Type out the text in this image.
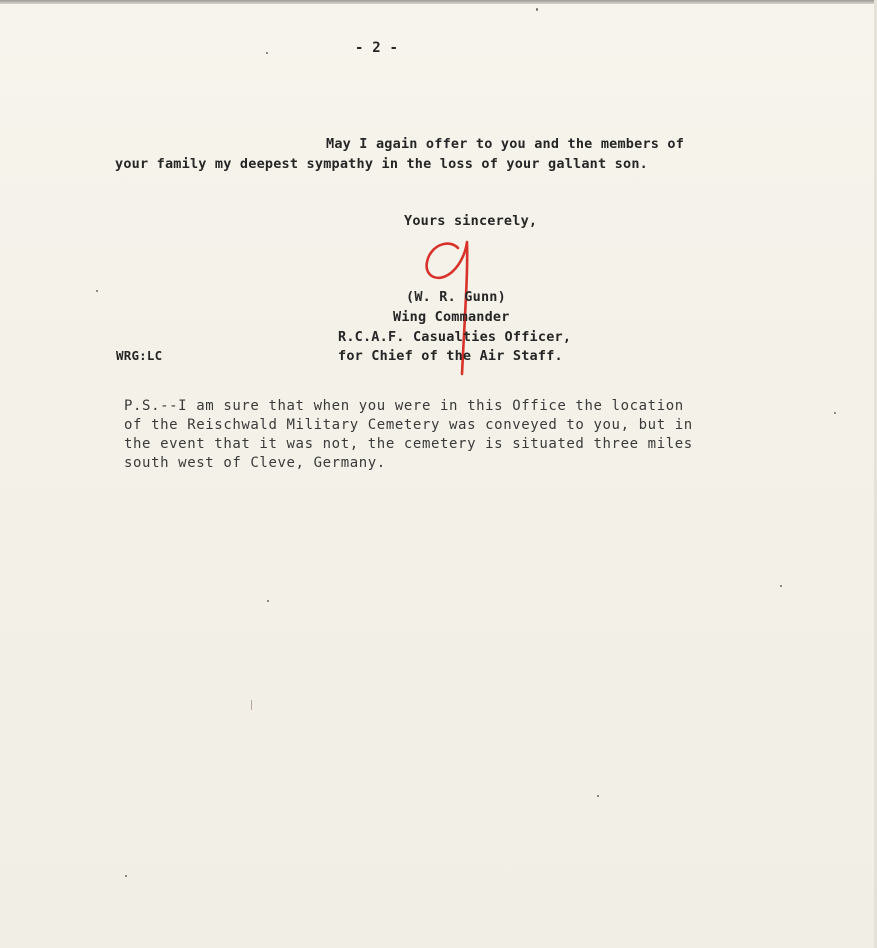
- 2 -
May I again offer to you and the members of
your family my deepest sympathy in the loss of your gallant son.
Yours sincerely,
(W. R. Gunn)
Wing Commander
R.C.A.F. Casualties Officer,
for Chief of the Air Staff.
WRG:LC
P.S.--I am sure that when you were in this Office the location
of the Reischwald Military Cemetery was conveyed to you, but in
the event that it was not, the cemetery is situated three miles
south west of Cleve, Germany.
